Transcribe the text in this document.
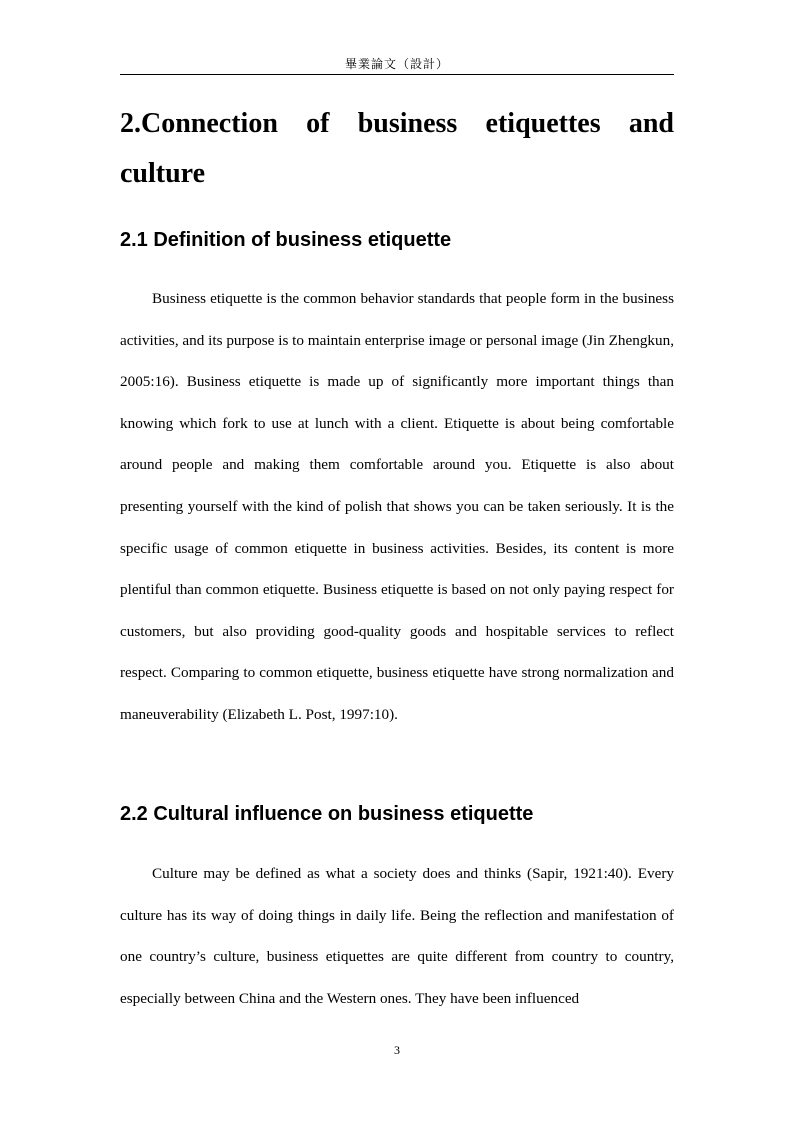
畢業論文（設計）
2.Connection of business etiquettes and culture
2.1 Definition of business etiquette

Business etiquette is the common behavior standards that people form in the business activities, and its purpose is to maintain enterprise image or personal image (Jin Zhengkun, 2005:16). Business etiquette is made up of significantly more important things than knowing which fork to use at lunch with a client. Etiquette is about being comfortable around people and making them comfortable around you. Etiquette is also about presenting yourself with the kind of polish that shows you can be taken seriously. It is the specific usage of common etiquette in business activities. Besides, its content is more plentiful than common etiquette. Business etiquette is based on not only paying respect for customers, but also providing good-quality goods and hospitable services to reflect respect. Comparing to common etiquette, business etiquette have strong normalization and maneuverability (Elizabeth L. Post, 1997:10).

2.2 Cultural influence on business etiquette

Culture may be defined as what a society does and thinks (Sapir, 1921:40). Every culture has its way of doing things in daily life. Being the reflection and manifestation of one country’s culture, business etiquettes are quite different from country to country, especially between China and the Western ones. They have been influenced

3
